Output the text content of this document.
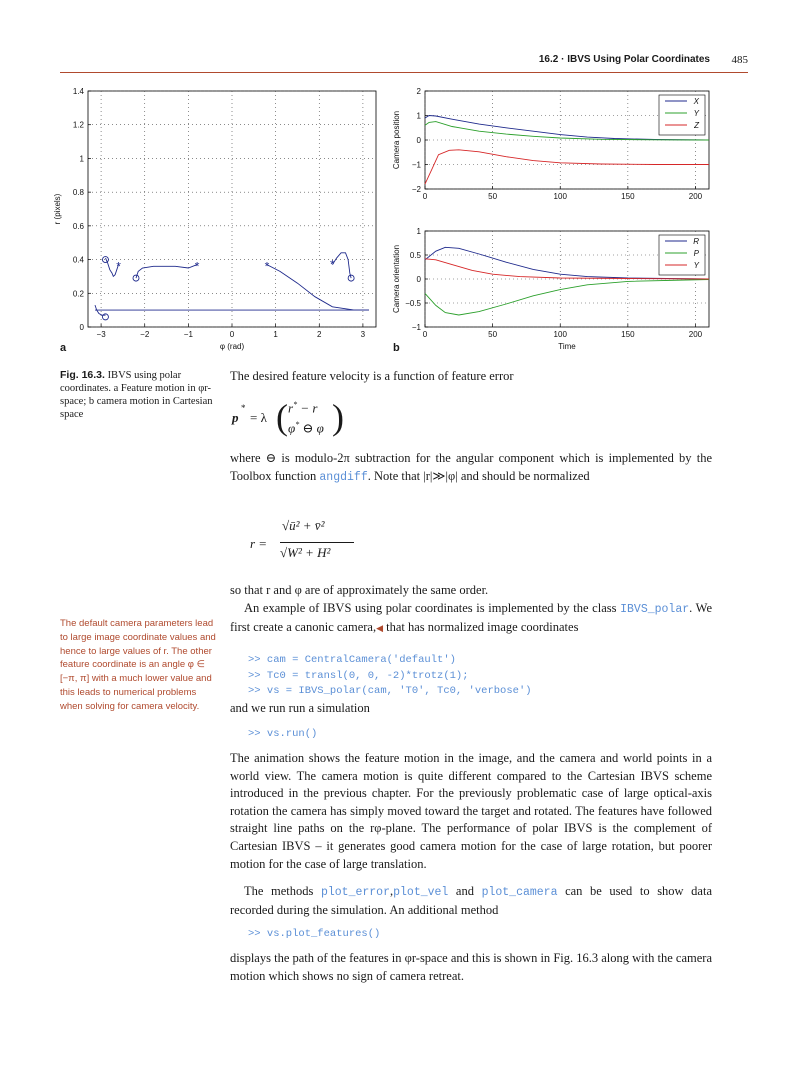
16.2 · IBVS Using Polar Coordinates 485
−3	−2	−1	0	1	2	3
0
0.2
0.4
0.6
0.8
1
1.2
1.4
*	*	*	*
φ (rad)
r (pixels)
a
0	50	100	150	200
−2
−1
0
1
2
Camera position
X
Y
Z
0	50	100	150	200
−1
−0.5
0
0.5
1
Time
Camera orientation
R
P
Y
b
Fig. 16.3. IBVS using polar coordinates. a Feature motion in φr-space; b camera motion in Cartesian space
The default camera parameters lead to large image coordinate values and hence to large values of r. The other feature coordinate is an angle φ ∈ [−π, π] with a much lower value and this leads to numerical problems when solving for camera velocity.
The desired feature velocity is a function of feature error
p
*
= λ ( r* − r
φ* ⊖ φ )
where ⊖ is modulo-2π subtraction for the angular component which is implemented by the Toolbox function angdiff. Note that |r|≫|φ| and should be normalized
r =
√ū² + v̄²
√W² + H²
so that r and φ are of approximately the same order.
An example of IBVS using polar coordinates is implemented by the class IBVS_polar. We first create a canonic camera,◀ that has normalized image coordinates
>> cam = CentralCamera('default')
>> Tc0 = transl(0, 0, -2)*trotz(1);
>> vs = IBVS_polar(cam, 'T0', Tc0, 'verbose')
and we run run a simulation
>> vs.run()
The animation shows the feature motion in the image, and the camera and world points in a world view. The camera motion is quite different compared to the Cartesian IBVS scheme introduced in the previous chapter. For the previously problematic case of large optical-axis rotation the camera has simply moved toward the target and rotated. The features have followed straight line paths on the rφ-plane. The performance of polar IBVS is the complement of Cartesian IBVS – it generates good camera motion for the case of large rotation, but poorer motion for the case of large translation.
The methods plot_error,plot_vel and plot_camera can be used to show data recorded during the simulation. An additional method
>> vs.plot_features()
displays the path of the features in φr-space and this is shown in Fig. 16.3 along with the camera motion which shows no sign of camera retreat.
